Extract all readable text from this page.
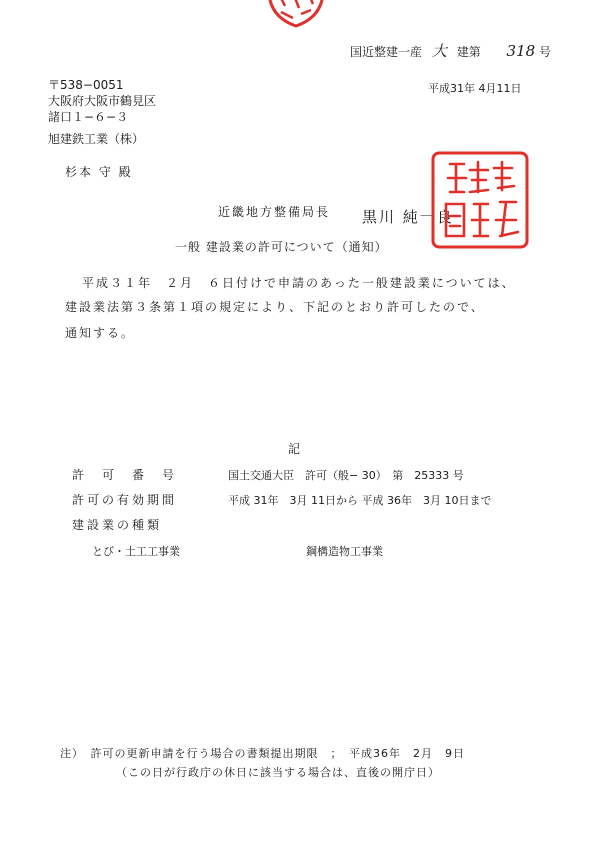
国近整建一産 大 建第 318 号
平成31年 4月11日
〒538−0051
大阪府大阪市鶴見区
諸口１−６−３
旭建鉄工業（株）
杉本 守 殿
近畿地方整備局長 黒川 純一良
一般 建設業の許可について（通知）
平成３１年　２月　６日付けで申請のあった一般建設業については、
建設業法第３条第１項の規定により、下記のとおり許可したので、
通知する。
記
許　可　番　号	国土交通大臣　許可（般− 30）　第　25333 号
許可の有効期間	平成 31年　3月 11日から 平成 36年　3月 10日まで
建設業の種類
とび・土工工事業	鋼構造物工事業
注）　許可の更新申請を行う場合の書類提出期限　；　平成36年　2月　9日
（この日が行政庁の休日に該当する場合は、直後の開庁日）
